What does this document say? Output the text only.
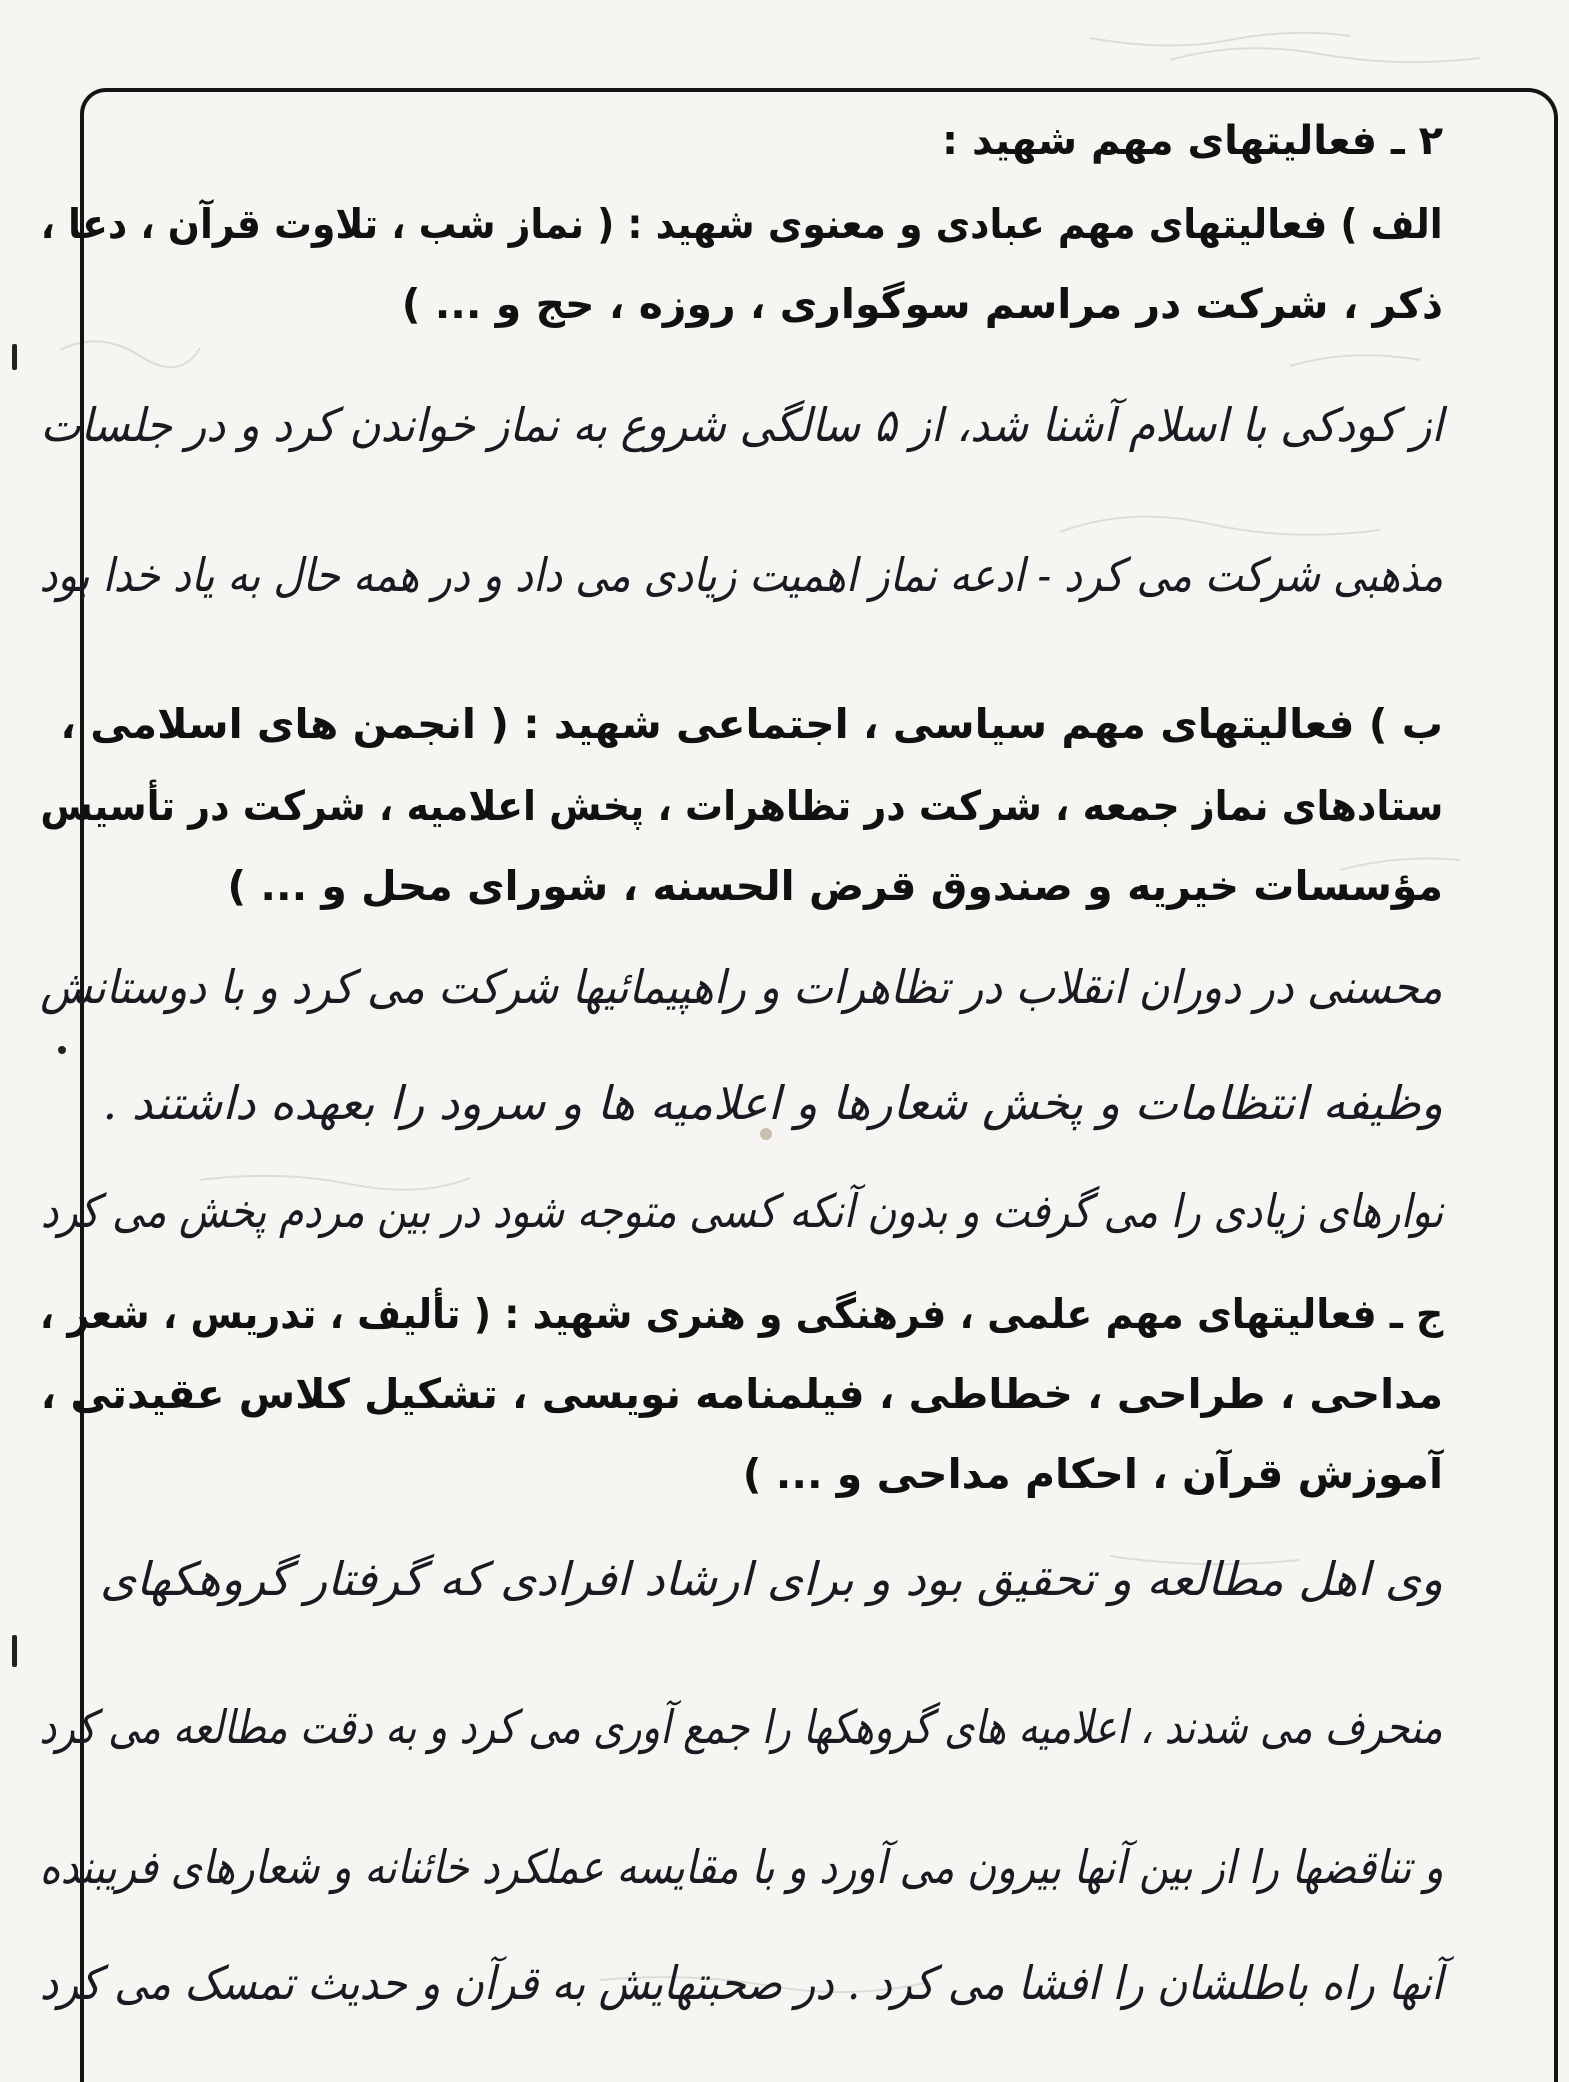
۲ ـ فعالیتهای مهم شهید :
الف ) فعالیتهای مهم عبادی و معنوی شهید : ( نماز شب ، تلاوت قرآن ، دعا ،
ذکر ، شرکت در مراسم سوگواری ، روزه ، حج و ... )
از کودکی با اسلام آشنا شد، از ۵ سالگی شروع به نماز خواندن کرد و در جلسات
مذهبی شرکت می کرد - ادعه نماز اهمیت زیادی می داد و در همه حال به یاد خدا بود
ب ) فعالیتهای مهم سیاسی ، اجتماعی شهید : ( انجمن های اسلامی ،
ستادهای نماز جمعه ، شرکت در تظاهرات ، پخش اعلامیه ، شرکت در تأسیس
مؤسسات خیریه و صندوق قرض الحسنه ، شورای محل و ... )
محسنی در دوران انقلاب در تظاهرات و راهپیمائیها شرکت می کرد و با دوستانش
وظیفه انتظامات و پخش شعارها و اعلامیه ها و سرود را بعهده داشتند .
نوارهای زیادی را می گرفت و بدون آنکه کسی متوجه شود در بین مردم پخش می کرد
ج ـ فعالیتهای مهم علمی ، فرهنگی و هنری شهید : ( تألیف ، تدریس ، شعر ،
مداحی ، طراحی ، خطاطی ، فیلمنامه نویسی ، تشکیل کلاس عقیدتی ،
آموزش قرآن ، احکام مداحی و ... )
وی اهل مطالعه و تحقیق بود و برای ارشاد افرادی که گرفتار گروهکهای
منحرف می شدند ، اعلامیه های گروهکها را جمع آوری می کرد و به دقت مطالعه می کرد
و تناقضها را از بین آنها بیرون می آورد و با مقایسه عملکرد خائنانه و شعارهای فریبنده
آنها راه باطلشان را افشا می کرد . در صحبتهایش به قرآن و حدیث تمسک می کرد
